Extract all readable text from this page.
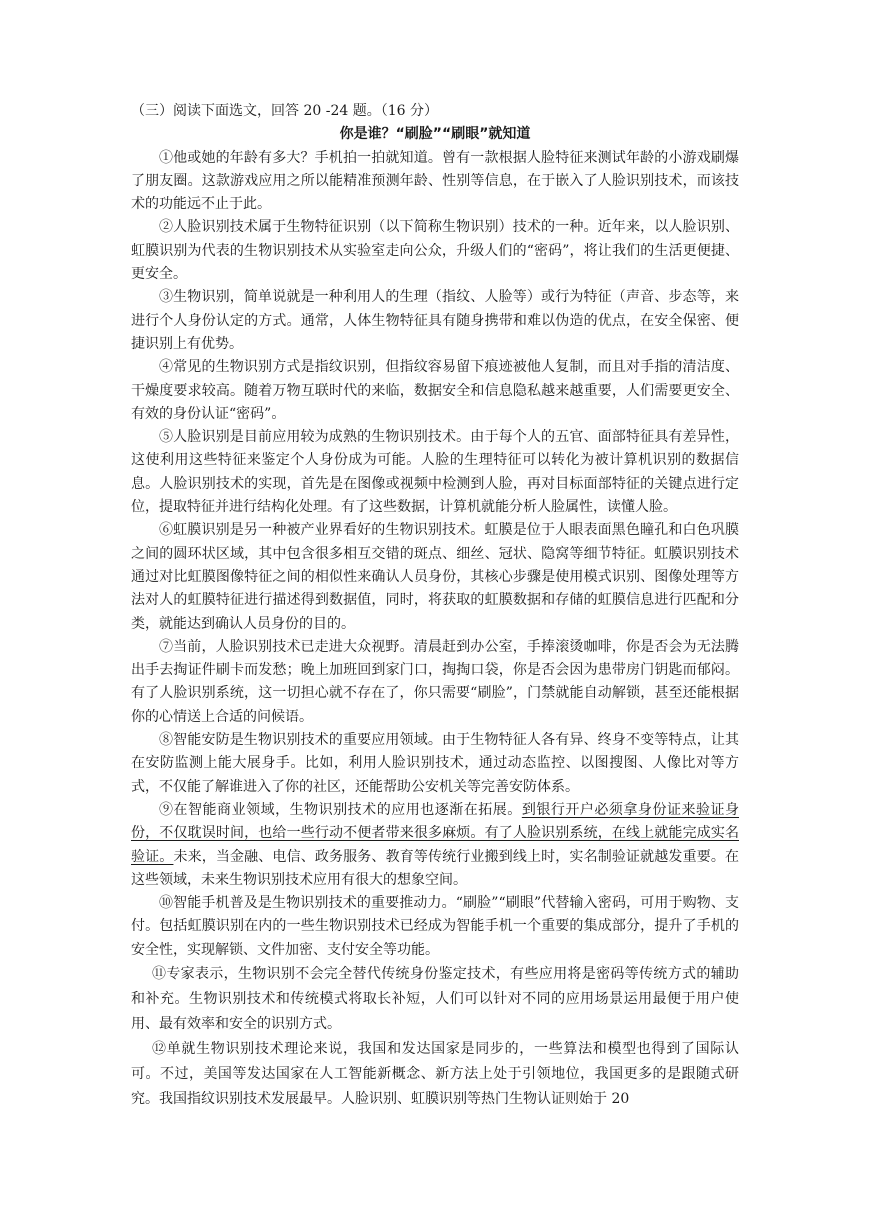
（三）阅读下面选文，回答 20 -24 题。（16 分）

你是谁？“刷脸”“刷眼”就知道

①他或她的年龄有多大？手机拍一拍就知道。曾有一款根据人脸特征来测试年龄的小游戏刷爆了朋友圈。这款游戏应用之所以能精准预测年龄、性别等信息，在于嵌入了人脸识别技术，而该技术的功能远不止于此。

②人脸识别技术属于生物特征识别（以下简称生物识别）技术的一种。近年来，以人脸识别、虹膜识别为代表的生物识别技术从实验室走向公众，升级人们的“密码”，将让我们的生活更便捷、更安全。

③生物识别，简单说就是一种利用人的生理（指纹、人脸等）或行为特征（声音、步态等，来进行个人身份认定的方式。通常，人体生物特征具有随身携带和难以伪造的优点，在安全保密、便捷识别上有优势。

④常见的生物识别方式是指纹识别，但指纹容易留下痕迹被他人复制，而且对手指的清洁度、干燥度要求较高。随着万物互联时代的来临，数据安全和信息隐私越来越重要，人们需要更安全、有效的身份认证“密码”。

⑤人脸识别是目前应用较为成熟的生物识别技术。由于每个人的五官、面部特征具有差异性，这使利用这些特征来鉴定个人身份成为可能。人脸的生理特征可以转化为被计算机识别的数据信息。人脸识别技术的实现，首先是在图像或视频中检测到人脸，再对目标面部特征的关键点进行定位，提取特征并进行结构化处理。有了这些数据，计算机就能分析人脸属性，读懂人脸。

⑥虹膜识别是另一种被产业界看好的生物识别技术。虹膜是位于人眼表面黑色瞳孔和白色巩膜之间的圆环状区域，其中包含很多相互交错的斑点、细丝、冠状、隐窝等细节特征。虹膜识别技术通过对比虹膜图像特征之间的相似性来确认人员身份，其核心步骤是使用模式识别、图像处理等方法对人的虹膜特征进行描述得到数据值，同时，将获取的虹膜数据和存储的虹膜信息进行匹配和分类，就能达到确认人员身份的目的。

⑦当前，人脸识别技术已走进大众视野。清晨赶到办公室，手捧滚烫咖啡，你是否会为无法腾出手去掏证件刷卡而发愁；晚上加班回到家门口，掏掏口袋，你是否会因为患带房门钥匙而郁闷。有了人脸识别系统，这一切担心就不存在了，你只需要“刷脸”，门禁就能自动解锁，甚至还能根据你的心情送上合适的问候语。

⑧智能安防是生物识别技术的重要应用领域。由于生物特征人各有异、终身不变等特点，让其在安防监测上能大展身手。比如，利用人脸识别技术，通过动态监控、以图搜图、人像比对等方式，不仅能了解谁进入了你的社区，还能帮助公安机关等完善安防体系。

⑨在智能商业领域，生物识别技术的应用也逐渐在拓展。到银行开户必须拿身份证来验证身份，不仅耽误时间，也给一些行动不便者带来很多麻烦。有了人脸识别系统，在线上就能完成实名验证。未来，当金融、电信、政务服务、教育等传统行业搬到线上时，实名制验证就越发重要。在这些领域，未来生物识别技术应用有很大的想象空间。

⑩智能手机普及是生物识别技术的重要推动力。“刷脸”“刷眼”代替输入密码，可用于购物、支付。包括虹膜识别在内的一些生物识别技术已经成为智能手机一个重要的集成部分，提升了手机的安全性，实现解锁、文件加密、支付安全等功能。

⑪专家表示，生物识别不会完全替代传统身份鉴定技术，有些应用将是密码等传统方式的辅助和补充。生物识别技术和传统模式将取长补短，人们可以针对不同的应用场景运用最便于用户使用、最有效率和安全的识别方式。

⑫单就生物识别技术理论来说，我国和发达国家是同步的，一些算法和模型也得到了国际认可。不过，美国等发达国家在人工智能新概念、新方法上处于引领地位，我国更多的是跟随式研究。我国指纹识别技术发展最早。人脸识别、虹膜识别等热门生物认证则始于 20
